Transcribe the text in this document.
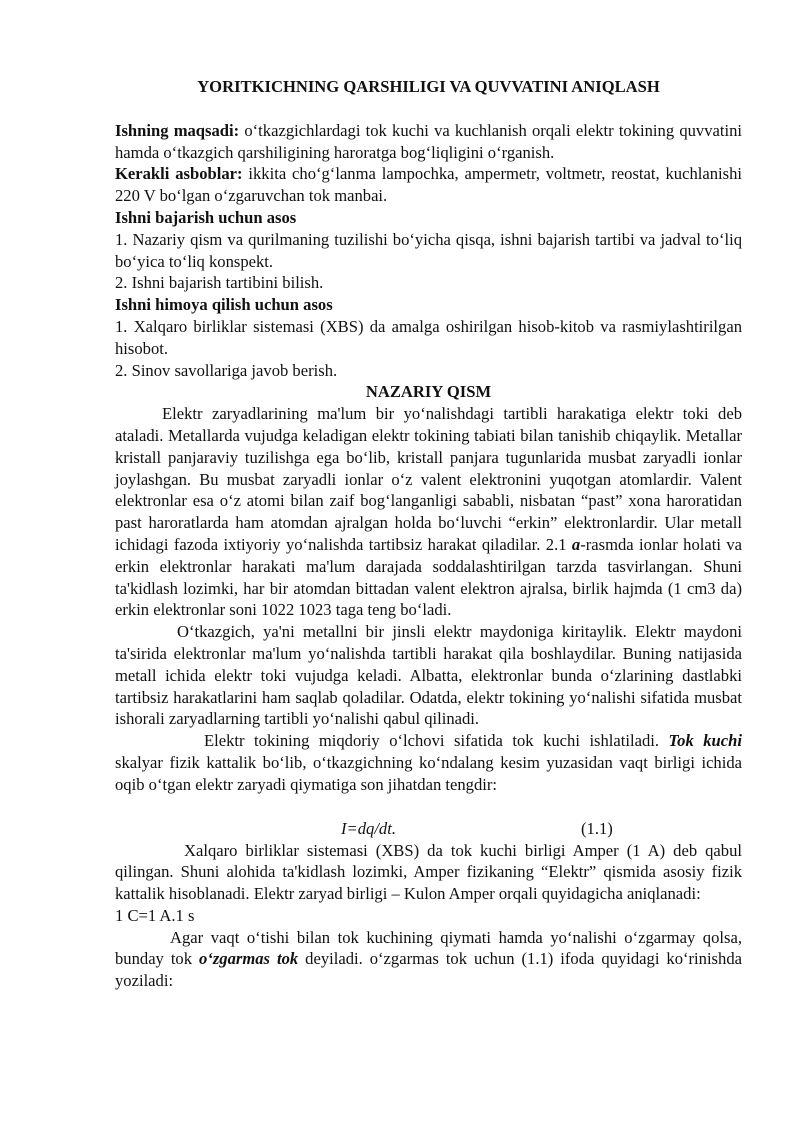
YORITKICHNING QARSHILIGI VA QUVVATINI ANIQLASH

Ishning maqsadi: o‘tkazgichlardagi tok kuchi va kuchlanish orqali elektr tokining quvvatini hamda o‘tkazgich qarshiligining haroratga bog‘liqligini o‘rganish.

Kerakli asboblar: ikkita cho‘g‘lanma lampochka, ampermetr, voltmetr, reostat, kuchlanishi 220 V bo‘lgan o‘zgaruvchan tok manbai.

Ishni bajarish uchun asos

1. Nazariy qism va qurilmaning tuzilishi bo‘yicha qisqa, ishni bajarish tartibi va jadval to‘liq bo‘yica to‘liq konspekt.

2. Ishni bajarish tartibini bilish.

Ishni himoya qilish uchun asos

1. Xalqaro birliklar sistemasi (XBS) da amalga oshirilgan hisob-kitob va rasmiylashtirilgan hisobot.

2. Sinov savollariga javob berish.

NAZARIY QISM

Elektr zaryadlarining ma'lum bir yo‘nalishdagi tartibli harakatiga elektr toki deb ataladi. Metallarda vujudga keladigan elektr tokining tabiati bilan tanishib chiqaylik. Metallar kristall panjaraviy tuzilishga ega bo‘lib, kristall panjara tugunlarida musbat zaryadli ionlar joylashgan. Bu musbat zaryadli ionlar o‘z valent elektronini yuqotgan atomlardir. Valent elektronlar esa o‘z atomi bilan zaif bog‘langanligi sababli, nisbatan “past” xona haroratidan past haroratlarda ham atomdan ajralgan holda bo‘luvchi “erkin” elektronlardir. Ular metall ichidagi fazoda ixtiyoriy yo‘nalishda tartibsiz harakat qiladilar. 2.1 a-rasmda ionlar holati va erkin elektronlar harakati ma'lum darajada soddalashtirilgan tarzda tasvirlangan. Shuni ta'kidlash lozimki, har bir atomdan bittadan valent elektron ajralsa, birlik hajmda (1 cm3 da) erkin elektronlar soni 1022 1023 taga teng bo‘ladi.

O‘tkazgich, ya'ni metallni bir jinsli elektr maydoniga kiritaylik. Elektr maydoni ta'sirida elektronlar ma'lum yo‘nalishda tartibli harakat qila boshlaydilar. Buning natijasida metall ichida elektr toki vujudga keladi. Albatta, elektronlar bunda o‘zlarining dastlabki tartibsiz harakatlarini ham saqlab qoladilar. Odatda, elektr tokining yo‘nalishi sifatida musbat ishorali zaryadlarning tartibli yo‘nalishi qabul qilinadi.

Elektr tokining miqdoriy o‘lchovi sifatida tok kuchi ishlatiladi. Tok kuchi skalyar fizik kattalik bo‘lib, o‘tkazgichning ko‘ndalang kesim yuzasidan vaqt birligi ichida oqib o‘tgan elektr zaryadi qiymatiga son jihatdan tengdir:

I=dq/dt.	(1.1)

Xalqaro birliklar sistemasi (XBS) da tok kuchi birligi Amper (1 A) deb qabul qilingan. Shuni alohida ta'kidlash lozimki, Amper fizikaning “Elektr” qismida asosiy fizik kattalik hisoblanadi. Elektr zaryad birligi – Kulon Amper orqali quyidagicha aniqlanadi:

1 C=1 A.1 s

Agar vaqt o‘tishi bilan tok kuchining qiymati hamda yo‘nalishi o‘zgarmay qolsa, bunday tok o‘zgarmas tok deyiladi. o‘zgarmas tok uchun (1.1) ifoda quyidagi ko‘rinishda yoziladi:
